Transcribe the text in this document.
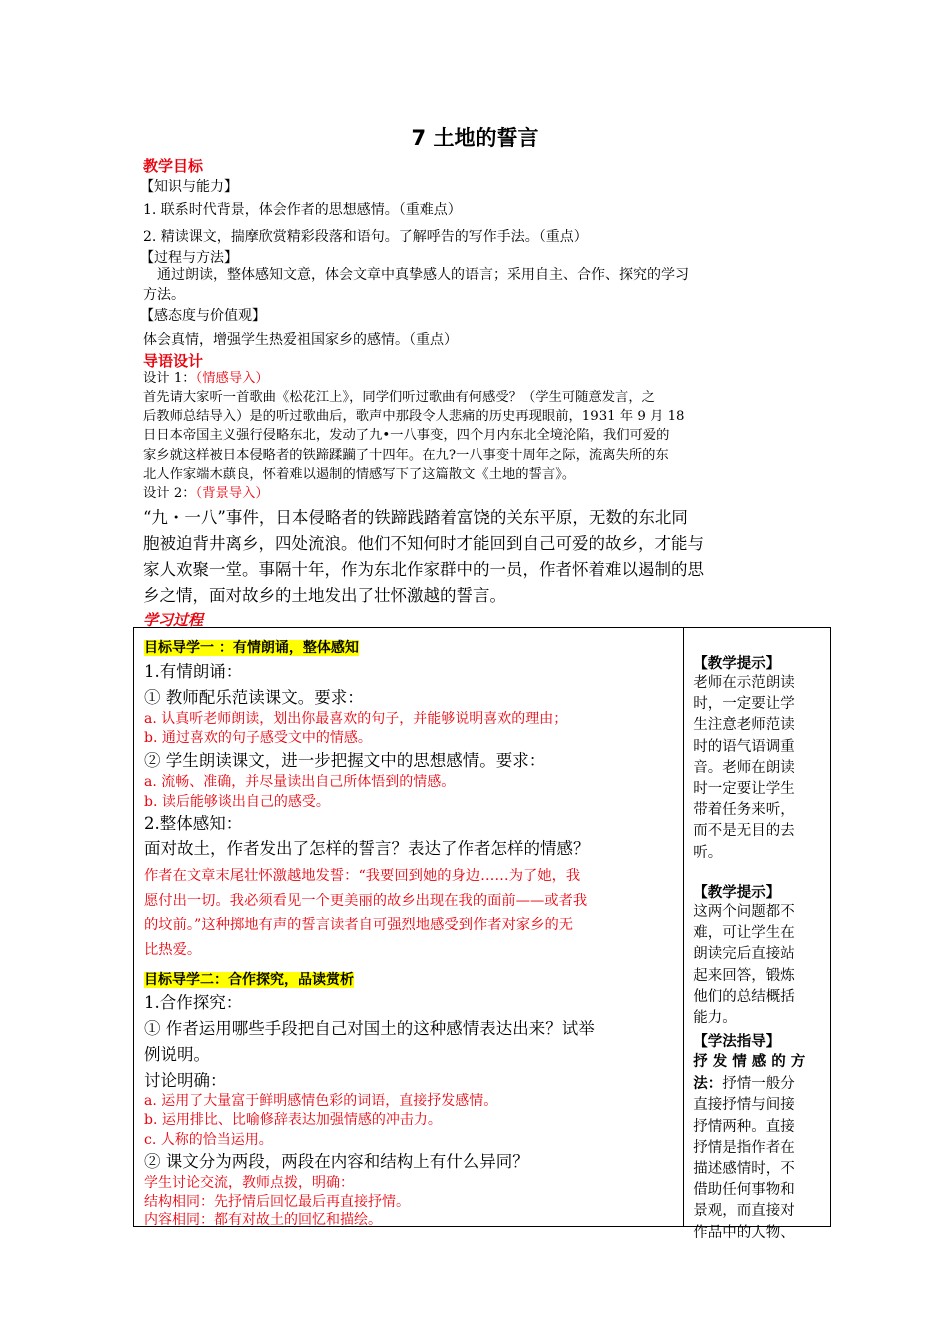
7 土地的誓言
教学目标
【知识与能力】
1. 联系时代背景，体会作者的思想感情。（重难点）
2. 精读课文，揣摩欣赏精彩段落和语句。了解呼告的写作手法。（重点）
【过程与方法】
通过朗读，整体感知文意，体会文章中真挚感人的语言；采用自主、合作、探究的学习
方法。
【感态度与价值观】
体会真情，增强学生热爱祖国家乡的感情。（重点）
导语设计
设计 1：（情感导入）
首先请大家听一首歌曲《松花江上》，同学们听过歌曲有何感受？（学生可随意发言，之
后教师总结导入）是的听过歌曲后，歌声中那段令人悲痛的历史再现眼前，1931 年 9 月 18
日日本帝国主义强行侵略东北，发动了九•一八事变，四个月内东北全境沦陷，我们可爱的
家乡就这样被日本侵略者的铁蹄蹂躏了十四年。在九?一八事变十周年之际，流离失所的东
北人作家端木蕻良，怀着难以遏制的情感写下了这篇散文《土地的誓言》。
设计 2：（背景导入）
“九・一八”事件，日本侵略者的铁蹄践踏着富饶的关东平原，无数的东北同
胞被迫背井离乡，四处流浪。他们不知何时才能回到自己可爱的故乡，才能与
家人欢聚一堂。事隔十年，作为东北作家群中的一员，作者怀着难以遏制的思
乡之情，面对故乡的土地发出了壮怀激越的誓言。
学习过程
目标导学一 ：有情朗诵，整体感知
1.有情朗诵：
① 教师配乐范读课文。要求：
a. 认真听老师朗读，划出你最喜欢的句子，并能够说明喜欢的理由；
b. 通过喜欢的句子感受文中的情感。
② 学生朗读课文，进一步把握文中的思想感情。要求：
a. 流畅、准确，并尽量读出自己所体悟到的情感。
b. 读后能够谈出自己的感受。
2.整体感知：
面对故土，作者发出了怎样的誓言？表达了作者怎样的情感？
作者在文章末尾壮怀激越地发誓：“我要回到她的身边……为了她，我
愿付出一切。我必须看见一个更美丽的故乡出现在我的面前——或者我
的坟前。”这种掷地有声的誓言读者自可强烈地感受到作者对家乡的无
比热爱。
目标导学二：合作探究，品读赏析
1.合作探究：
① 作者运用哪些手段把自己对国土的这种感情表达出来？试举
例说明。
讨论明确：
a. 运用了大量富于鲜明感情色彩的词语，直接抒发感情。
b. 运用排比、比喻修辞表达加强情感的冲击力。
c. 人称的恰当运用。
② 课文分为两段，两段在内容和结构上有什么异同？
学生讨论交流，教师点拨，明确：
结构相同：先抒情后回忆最后再直接抒情。
内容相同：都有对故土的回忆和描绘。

【教学提示】
老师在示范朗读
时，一定要让学
生注意老师范读
时的语气语调重
音。老师在朗读
时一定要让学生
带着任务来听，
而不是无目的去
听。
【教学提示】
这两个问题都不
难，可让学生在
朗读完后直接站
起来回答，锻炼
他们的总结概括
能力。
【学法指导】
抒发情感的方
法：抒情一般分
直接抒情与间接
抒情两种。直接
抒情是指作者在
描述感情时，不
借助任何事物和
景观，而直接对
作品中的人物、
